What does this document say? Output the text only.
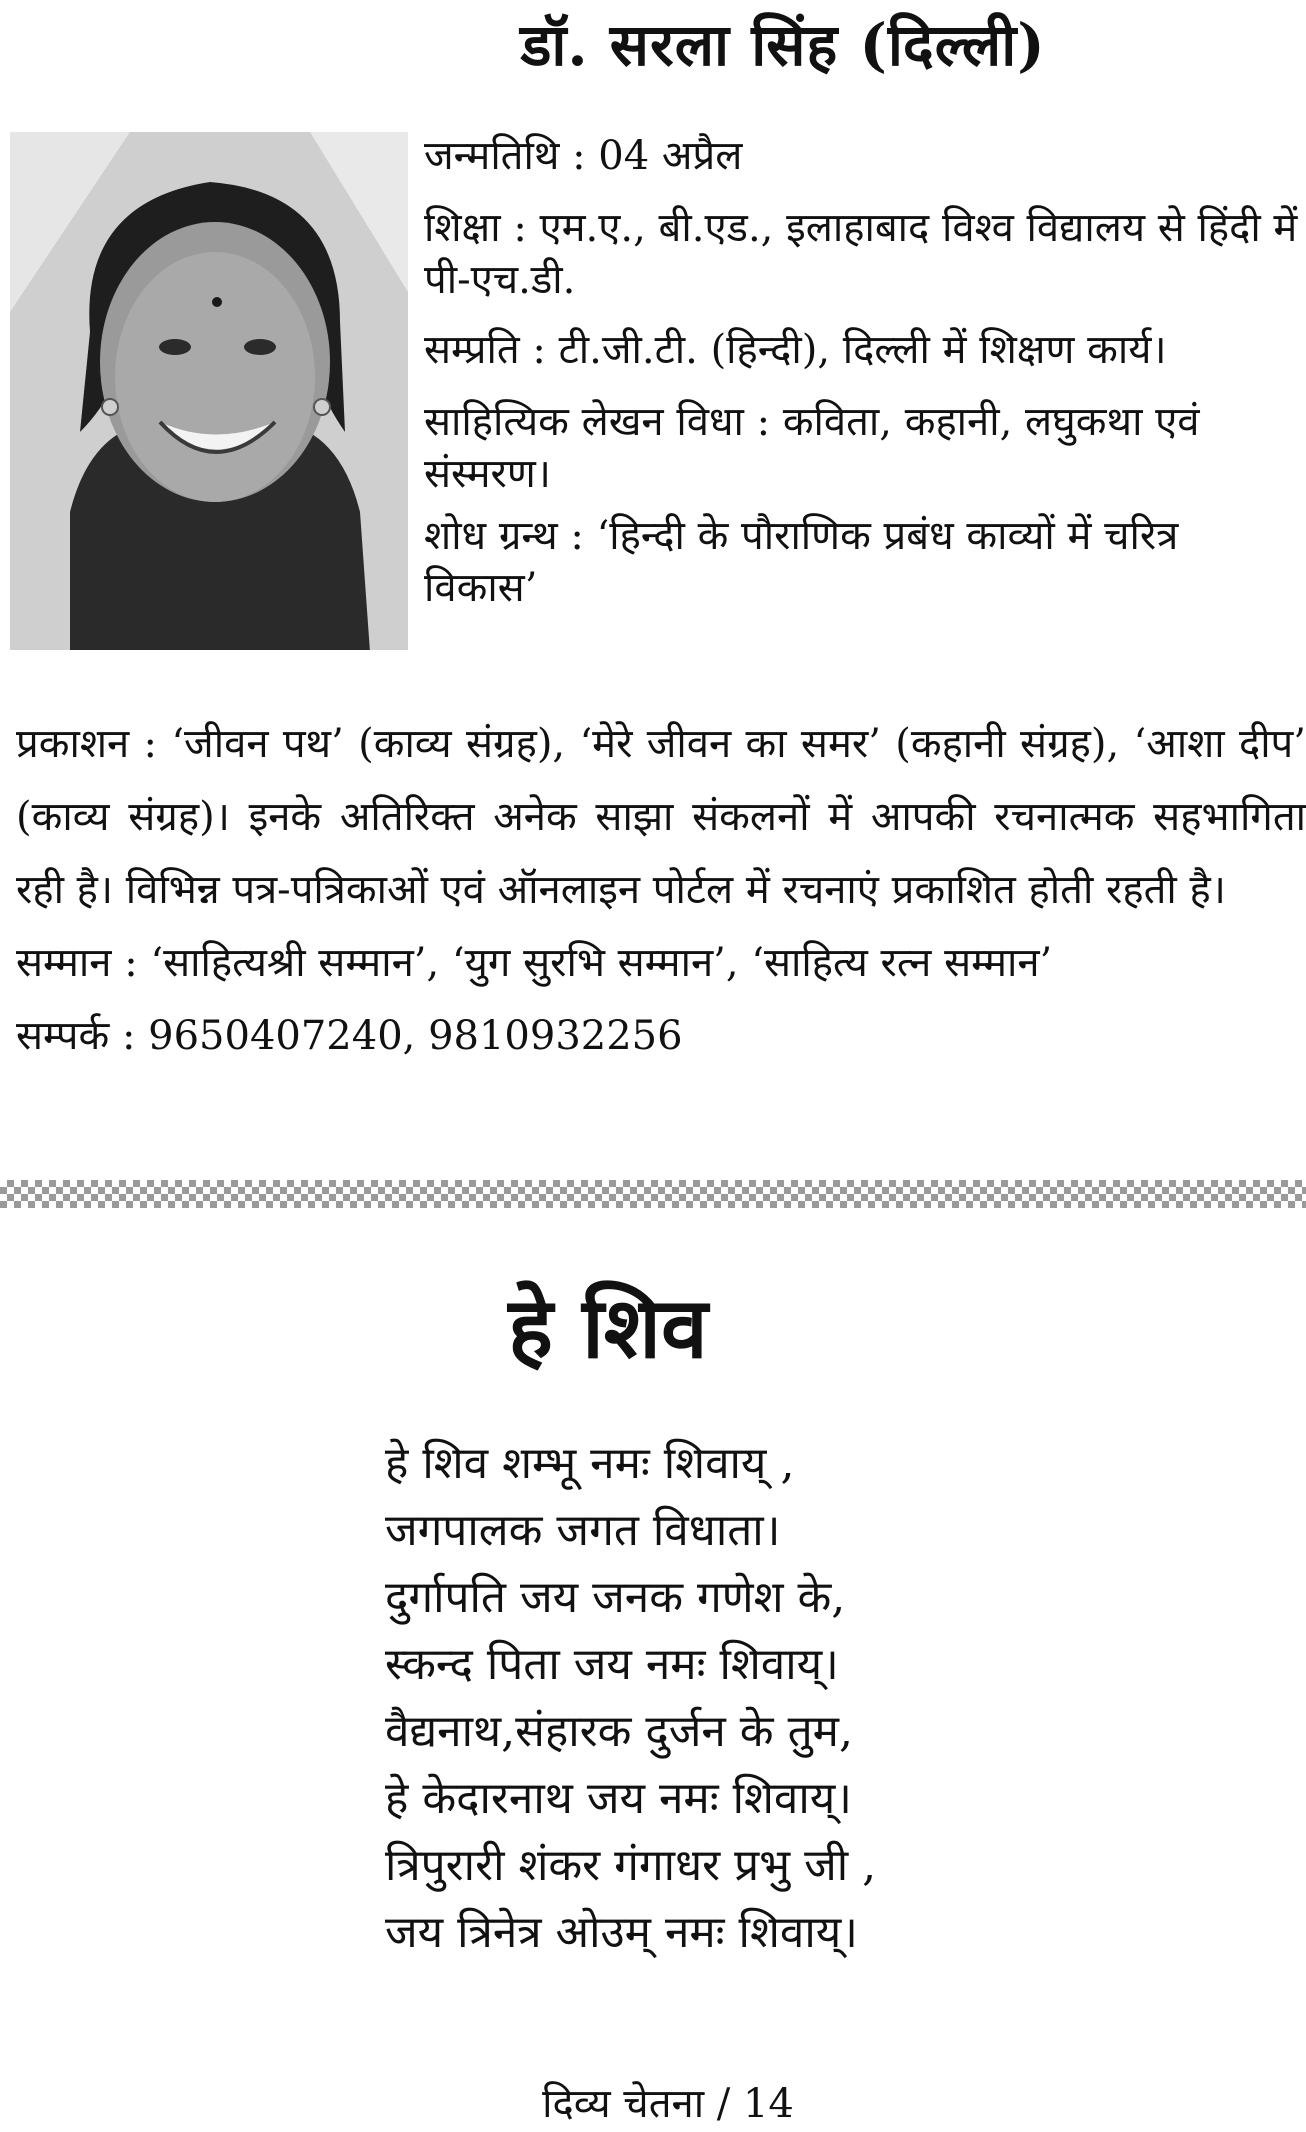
डॉ. सरला सिंह (दिल्ली)
जन्मतिथि : 04 अप्रैल
शिक्षा : एम.ए., बी.एड., इलाहाबाद विश्व विद्यालय से हिंदी में पी-एच.डी.
सम्प्रति : टी.जी.टी. (हिन्दी), दिल्ली में शिक्षण कार्य।
साहित्यिक लेखन विधा : कविता, कहानी, लघुकथा एवं संस्मरण।
शोध ग्रन्थ : ‘हिन्दी के पौराणिक प्रबंध काव्यों में चरित्र विकास’
प्रकाशन : ‘जीवन पथ’ (काव्य संग्रह), ‘मेरे जीवन का समर’ (कहानी संग्रह), ‘आशा दीप’ (काव्य संग्रह)। इनके अतिरिक्त अनेक साझा संकलनों में आपकी रचनात्मक सहभागिता रही है। विभिन्न पत्र-पत्रिकाओं एवं ऑनलाइन पोर्टल में रचनाएं प्रकाशित होती रहती है।
सम्मान : ‘साहित्यश्री सम्मान’, ‘युग सुरभि सम्मान’, ‘साहित्य रत्न सम्मान’
सम्पर्क : 9650407240, 9810932256
हे शिव
हे शिव शम्भू नमः शिवाय् ,
जगपालक जगत विधाता।
दुर्गापति जय जनक गणेश के,
स्कन्द पिता जय नमः शिवाय्।
वैद्यनाथ,संहारक दुर्जन के तुम,
हे केदारनाथ जय नमः शिवाय्।
त्रिपुरारी शंकर गंगाधर प्रभु जी ,
जय त्रिनेत्र ओउम् नमः शिवाय्।
दिव्य चेतना / 14
